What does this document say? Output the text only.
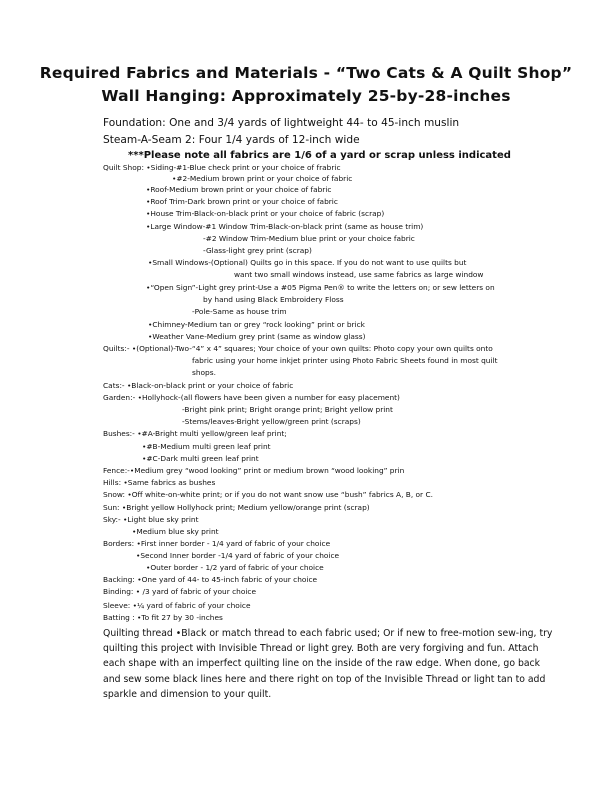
Required Fabrics and Materials - “Two Cats & A Quilt Shop”
Wall Hanging: Approximately 25-by-28-inches
Foundation: One and 3/4 yards of lightweight 44- to 45-inch muslin
Steam-A-Seam 2: Four 1/4 yards of 12-inch wide
***Please note all fabrics are 1/6 of a yard or scrap unless indicated
Quilt Shop: •Siding-#1-Blue check print or your choice of frabric
•#2-Medium brown print or your choice of fabric
•Roof-Medium brown print or your choice of fabric
•Roof Trim-Dark brown print or your choice of fabric
•House Trim-Black-on-black print or your choice of fabric (scrap)
•Large Window-#1 Window Trim-Black-on-black print (same as house trim)
-#2 Window Trim-Medium blue print or your choice fabric
-Glass-light grey print (scrap)
•Small Windows-(Optional) Quilts go in this space. If you do not want to use quilts but
want two small windows instead, use same fabrics as large window
•“Open Sign”-Light grey print-Use a #05 Pigma Pen® to write the letters on; or sew letters on
by hand using Black Embroidery Floss
-Pole-Same as house trim
•Chimney-Medium tan or grey “rock looking” print or brick
•Weather Vane-Medium grey print (same as window glass)
Quilts:- •(Optional)-Two-“4” x 4” squares; Your choice of your own quilts: Photo copy your own quilts onto
fabric using your home inkjet printer using Photo Fabric Sheets found in most quilt
shops.
Cats:- •Black-on-black print or your choice of fabric
Garden:- •Hollyhock-(all flowers have been given a number for easy placement)
-Bright pink print; Bright orange print; Bright yellow print
-Stems/leaves-Bright yellow/green print (scraps)
Bushes:- •#A-Bright multi yellow/green leaf print;
•#B-Medium multi green leaf print
•#C-Dark multi green leaf print
Fence:-•Medium grey “wood looking” print or medium brown “wood looking” prin
Hills: •Same fabrics as bushes
Snow: •Off white-on-white print; or if you do not want snow use “bush” fabrics A, B, or C.
Sun: •Bright yellow Hollyhock print; Medium yellow/orange print (scrap)
Sky:- •Light blue sky print
•Medium blue sky print
Borders: •First inner border - 1/4 yard of fabric of your choice
•Second Inner border -1/4 yard of fabric of your choice
•Outer border - 1/2 yard of fabric of your choice
Backing: •One yard of 44- to 45-inch fabric of your choice
Binding: • /3 yard of fabric of your choice
Sleeve: •¼ yard of fabric of your choice
Batting : •To fit 27 by 30 -inches
Quilting thread •Black or match thread to each fabric used; Or if new to free-motion sew-ing, try quilting this project with Invisible Thread or light grey. Both are very forgiving and fun. Attach each shape with an imperfect quilting line on the inside of the raw edge. When done, go back and sew some black lines here and there right on top of the Invisible Thread or light tan to add sparkle and dimension to your quilt.
